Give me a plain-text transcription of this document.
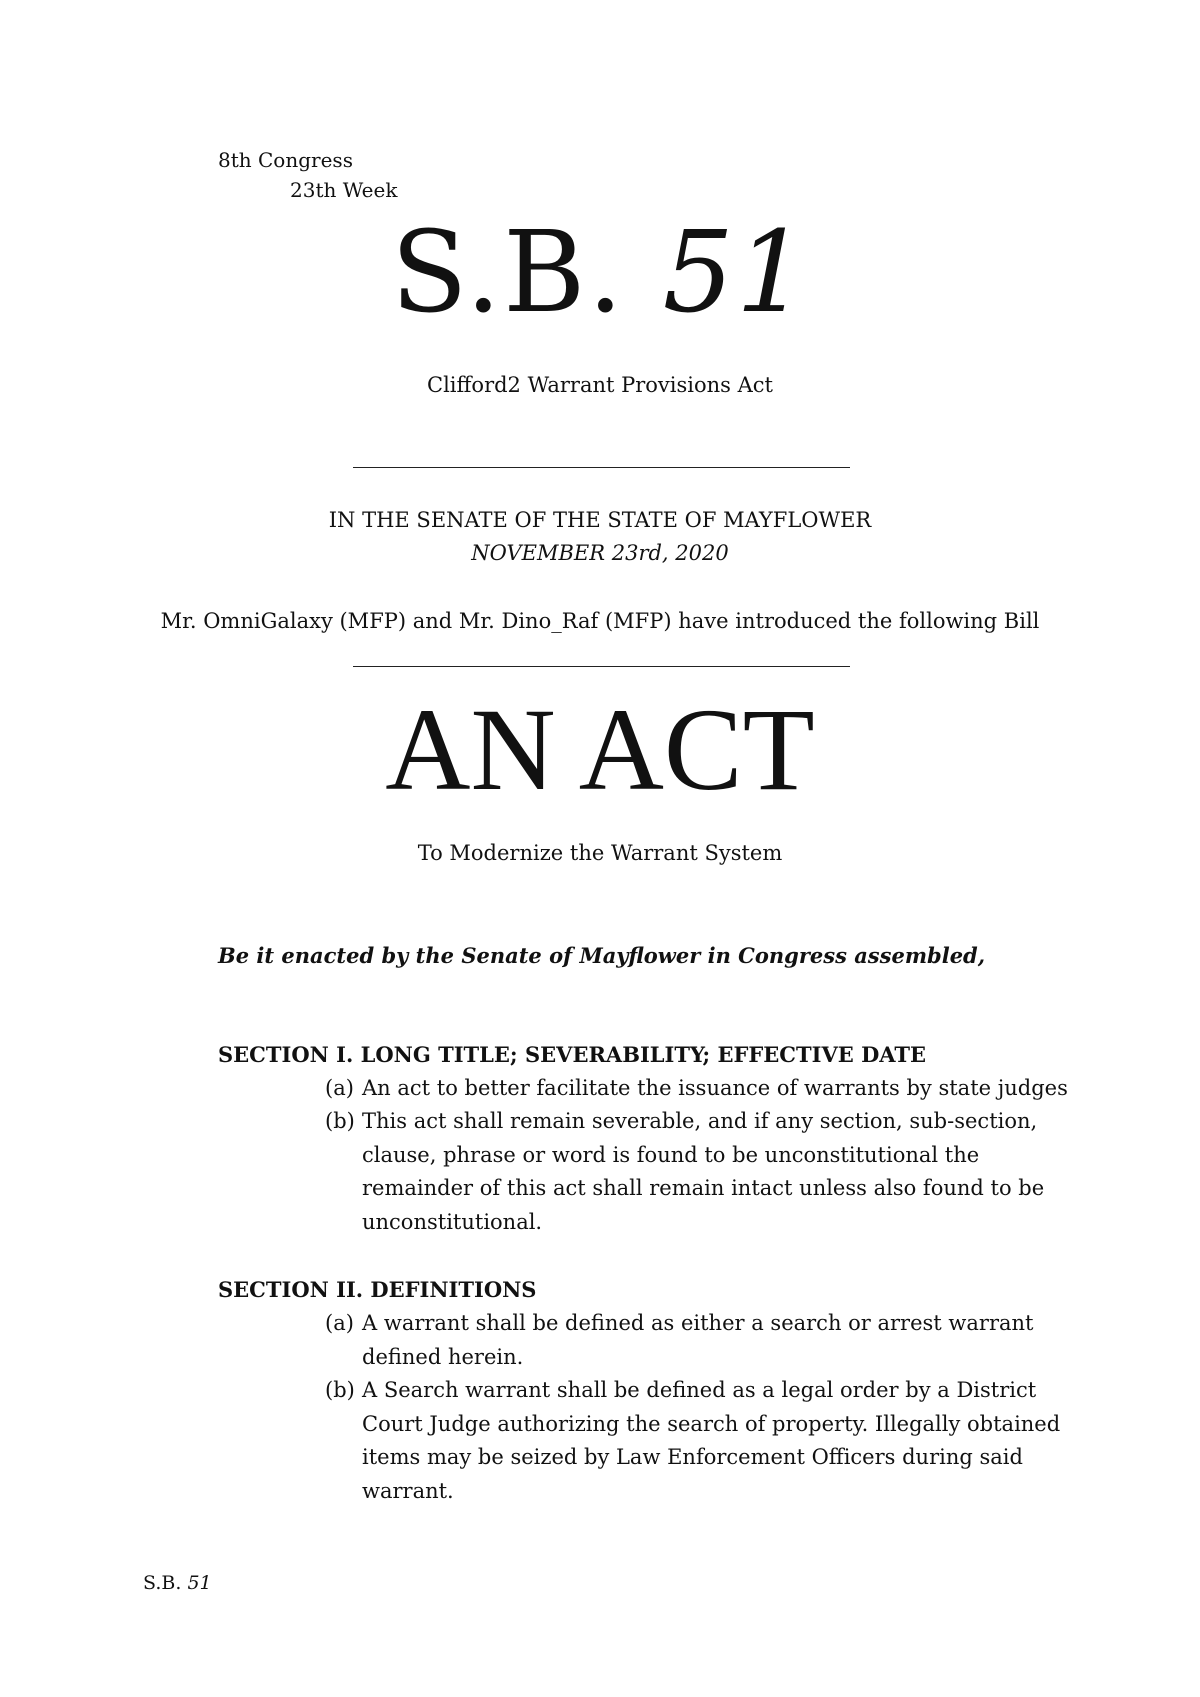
8th Congress
23th Week
S.B. 51
Clifford2 Warrant Provisions Act
IN THE SENATE OF THE STATE OF MAYFLOWER
NOVEMBER 23rd, 2020
Mr. OmniGalaxy (MFP) and Mr. Dino_Raf (MFP) have introduced the following Bill
AN ACT
To Modernize the Warrant System
Be it enacted by the Senate of Mayflower in Congress assembled,
SECTION I. LONG TITLE; SEVERABILITY; EFFECTIVE DATE
(a) An act to better facilitate the issuance of warrants by state judges
(b) This act shall remain severable, and if any section, sub-section, clause, phrase or word is found to be unconstitutional the remainder of this act shall remain intact unless also found to be unconstitutional.
SECTION II. DEFINITIONS
(a) A warrant shall be defined as either a search or arrest warrant defined herein.
(b) A Search warrant shall be defined as a legal order by a District Court Judge authorizing the search of property. Illegally obtained items may be seized by Law Enforcement Officers during said warrant.
S.B. 51
